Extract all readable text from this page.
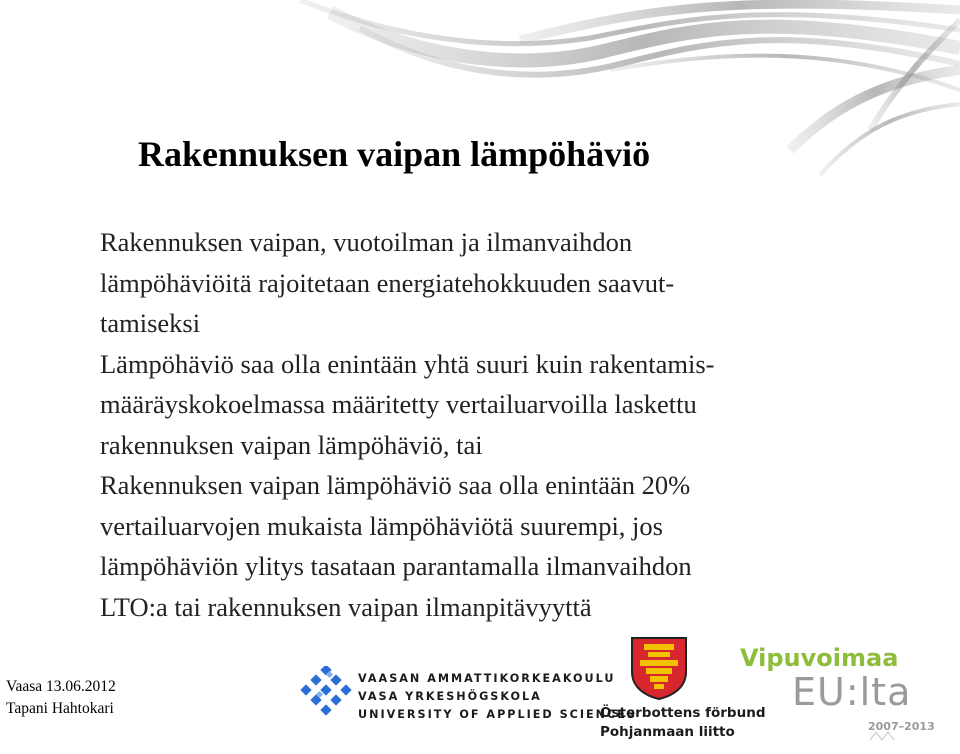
Rakennuksen vaipan lämpöhäviö
Rakennuksen vaipan, vuotoilman ja ilmanvaihdon
lämpöhäviöitä rajoitetaan energiatehokkuuden saavut-
tamiseksi
Lämpöhäviö saa olla enintään yhtä suuri kuin rakentamis-
määräyskokoelmassa määritetty vertailuarvoilla laskettu
rakennuksen vaipan lämpöhäviö, tai
Rakennuksen vaipan lämpöhäviö saa olla enintään 20%
vertailuarvojen mukaista lämpöhäviötä suurempi, jos
lämpöhäviön ylitys tasataan parantamalla ilmanvaihdon
LTO:a tai rakennuksen vaipan ilmanpitävyyttä
Vaasa 13.06.2012
Tapani Hahtokari
VAASAN AMMATTIKORKEAKOULU
VASA YRKESHÖGSKOLA
UNIVERSITY OF APPLIED SCIENCES
Österbottens förbund
Pohjanmaan liitto
Vipuvoimaa
EU:lta
2007–2013
